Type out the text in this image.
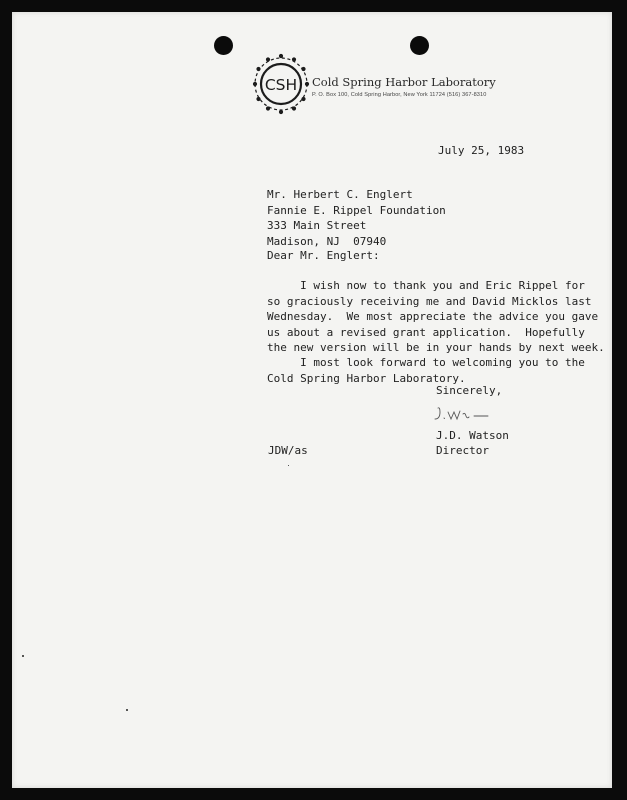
CSH Cold Spring Harbor Laboratory
P. O. Box 100, Cold Spring Harbor, New York 11724 (516) 367-8310
July 25, 1983
Mr. Herbert C. Englert
Fannie E. Rippel Foundation
333 Main Street
Madison, NJ  07940
Dear Mr. Englert:
I wish now to thank you and Eric Rippel for
so graciously receiving me and David Micklos last
Wednesday.  We most appreciate the advice you gave
us about a revised grant application.  Hopefully
the new version will be in your hands by next week.
I most look forward to welcoming you to the
Cold Spring Harbor Laboratory.
Sincerely,
J.D. Watson
Director
JDW/as
